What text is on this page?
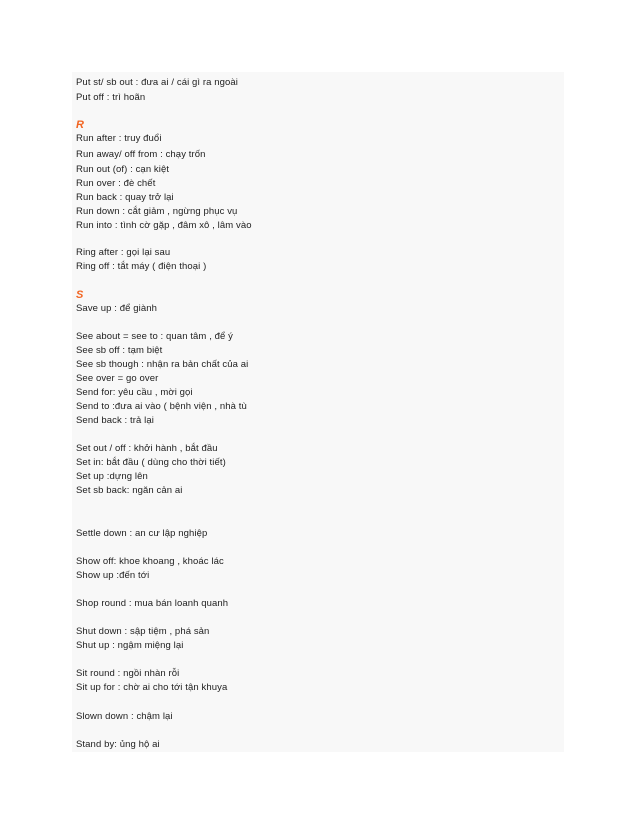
Put st/ sb out : đưa ai / cái gì ra ngoài
Put off : trì hoãn
R
Run after : truy đuổi
Run away/ off from : chạy trốn
Run out (of) : cạn kiệt
Run over : đè chết
Run back : quay trở lại
Run down : cắt giảm , ngừng phục vụ
Run into : tình cờ gặp , đâm xô , lâm vào
Ring after : gọi lại sau
Ring off : tắt máy ( điện thoại )
S
Save up : để giành
See about = see to : quan tâm , để ý
See sb off : tạm biệt
See sb though : nhận ra bản chất của ai
See over = go over
Send for: yêu cầu , mời gọi
Send to :đưa ai vào ( bệnh viện , nhà tù
Send back : trả lại
Set out / off : khởi hành , bắt đầu
Set in: bắt đầu ( dùng cho thời tiết)
Set up :dựng lên
Set sb back: ngăn cản ai
Settle down : an cư lập nghiệp
Show off: khoe khoang , khoác lác
Show up :đến tới
Shop round : mua bán loanh quanh
Shut down : sập tiệm , phá sản
Shut up : ngậm miệng lại
Sit round : ngồi nhàn rỗi
Sit up for : chờ ai cho tới tận khuya
Slown down : chậm lại
Stand by: ủng hộ ai
